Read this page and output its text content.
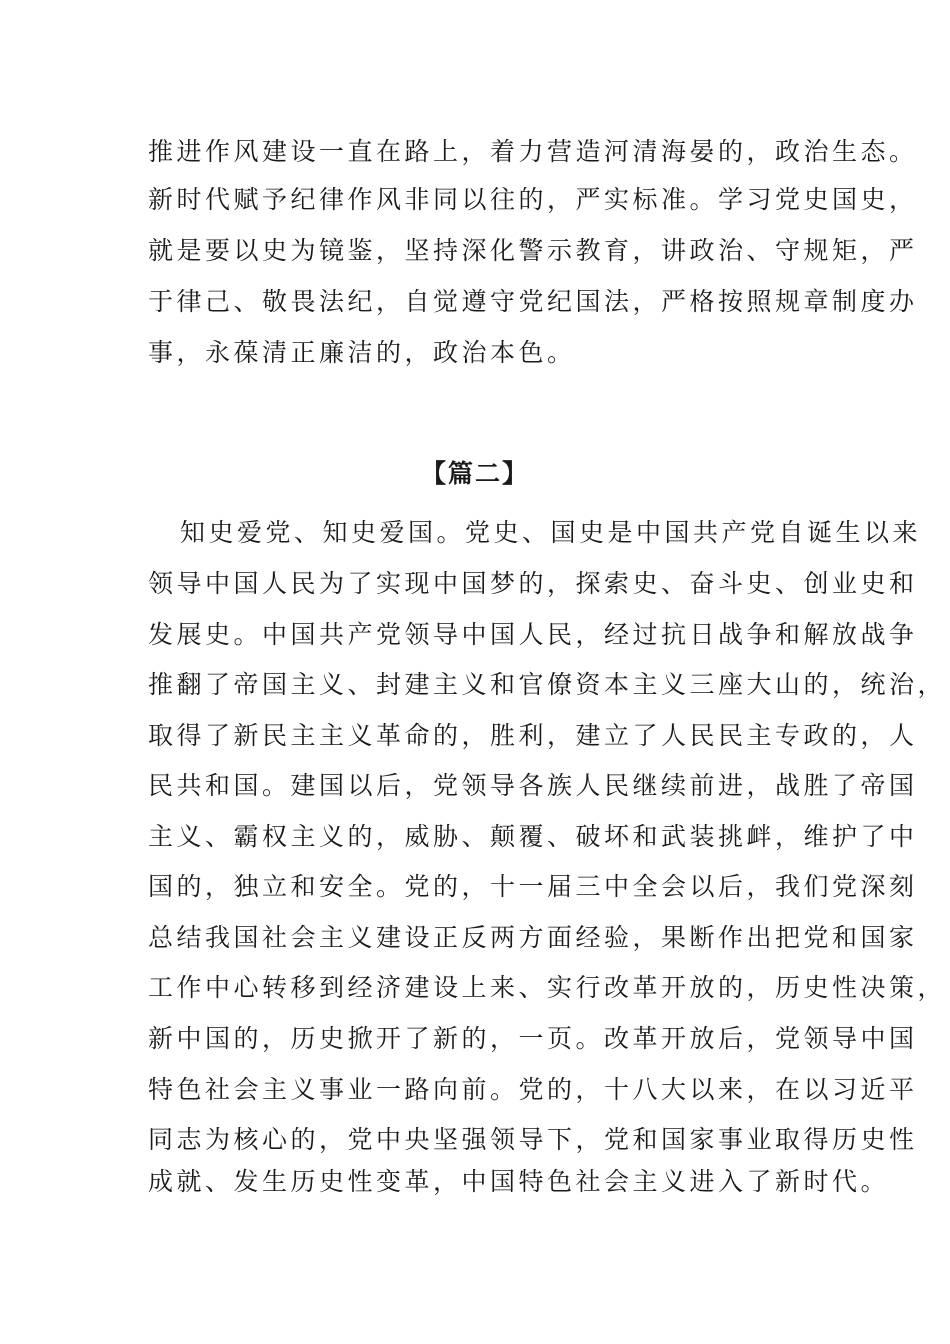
推进作风建设一直在路上，着力营造河清海晏的，政治生态。
新时代赋予纪律作风非同以往的，严实标准。学习党史国史，
就是要以史为镜鉴，坚持深化警示教育，讲政治、守规矩，严
于律己、敬畏法纪，自觉遵守党纪国法，严格按照规章制度办
事，永葆清正廉洁的，政治本色。
【篇二】
知史爱党、知史爱国。党史、国史是中国共产党自诞生以来
领导中国人民为了实现中国梦的，探索史、奋斗史、创业史和
发展史。中国共产党领导中国人民，经过抗日战争和解放战争
推翻了帝国主义、封建主义和官僚资本主义三座大山的，统治，
取得了新民主主义革命的，胜利，建立了人民民主专政的，人
民共和国。建国以后，党领导各族人民继续前进，战胜了帝国
主义、霸权主义的，威胁、颠覆、破坏和武装挑衅，维护了中
国的，独立和安全。党的，十一届三中全会以后，我们党深刻
总结我国社会主义建设正反两方面经验，果断作出把党和国家
工作中心转移到经济建设上来、实行改革开放的，历史性决策，
新中国的，历史掀开了新的，一页。改革开放后，党领导中国
特色社会主义事业一路向前。党的，十八大以来，在以习近平
同志为核心的，党中央坚强领导下，党和国家事业取得历史性
成就、发生历史性变革，中国特色社会主义进入了新时代。
